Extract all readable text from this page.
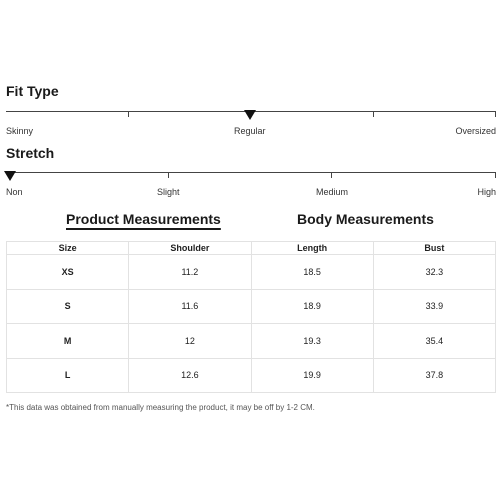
Fit Type
Skinny	Regular	Oversized
Stretch
Non	Slight	Medium	High
Product Measurements	Body Measurements
Size	Shoulder	Length	Bust
XS	11.2	18.5	32.3
S	11.6	18.9	33.9
M	12	19.3	35.4
L	12.6	19.9	37.8
*This data was obtained from manually measuring the product, it may be off by 1-2 CM.
